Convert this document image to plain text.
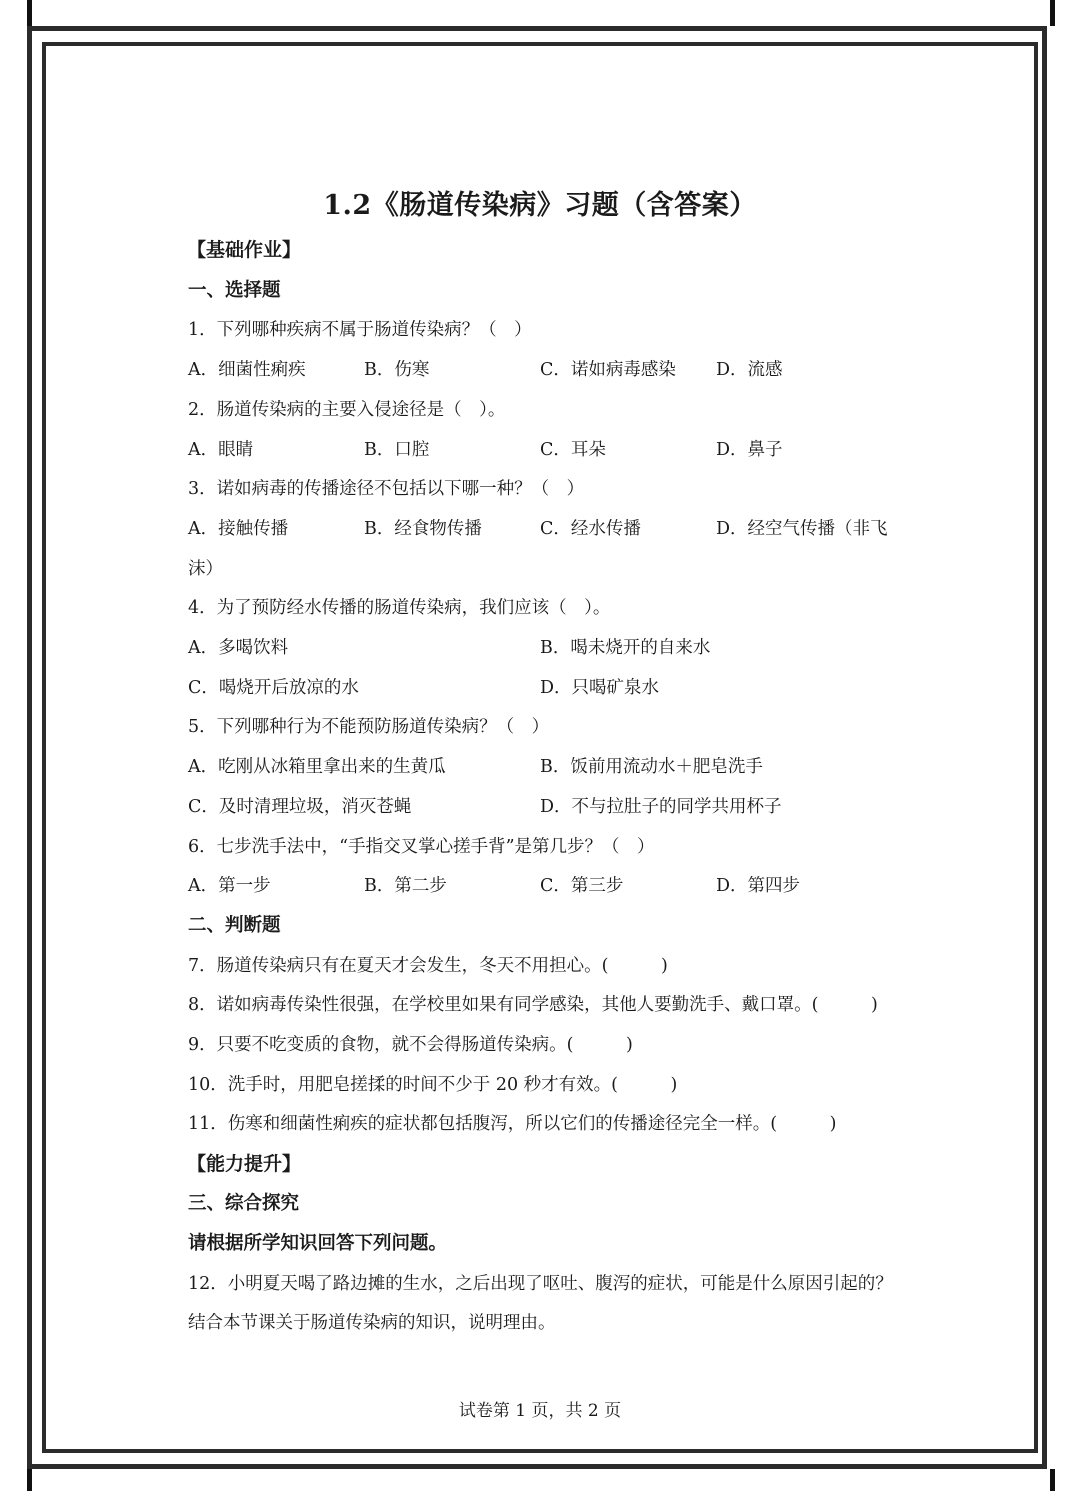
1.2《肠道传染病》习题（含答案）
【基础作业】
一、选择题
1．下列哪种疾病不属于肠道传染病？（　）
A．细菌性痢疾	B．伤寒	C．诺如病毒感染 D．流感
2．肠道传染病的主要入侵途径是（　）。
A．眼睛	B．口腔	C．耳朵	D．鼻子
3．诺如病毒的传播途径不包括以下哪一种？（　）
A．接触传播	B．经食物传播	C．经水传播	D．经空气传播（非飞
沫）
4．为了预防经水传播的肠道传染病，我们应该（　）。
A．多喝饮料	B．喝未烧开的自来水
C．喝烧开后放凉的水	D．只喝矿泉水
5．下列哪种行为不能预防肠道传染病？（　）
A．吃刚从冰箱里拿出来的生黄瓜	B．饭前用流动水＋肥皂洗手
C．及时清理垃圾，消灭苍蝇	D．不与拉肚子的同学共用杯子
6．七步洗手法中，“手指交叉掌心搓手背”是第几步？（　）
A．第一步	B．第二步	C．第三步	D．第四步
二、判断题
7．肠道传染病只有在夏天才会发生，冬天不用担心。(　　　)
8．诺如病毒传染性很强，在学校里如果有同学感染，其他人要勤洗手、戴口罩。(　　　)
9．只要不吃变质的食物，就不会得肠道传染病。(　　　)
10．洗手时，用肥皂搓揉的时间不少于 20 秒才有效。(　　　)
11．伤寒和细菌性痢疾的症状都包括腹泻，所以它们的传播途径完全一样。(　　　)
【能力提升】
三、综合探究
请根据所学知识回答下列问题。
12．小明夏天喝了路边摊的生水，之后出现了呕吐、腹泻的症状，可能是什么原因引起的？
结合本节课关于肠道传染病的知识，说明理由。
试卷第 1 页，共 2 页
